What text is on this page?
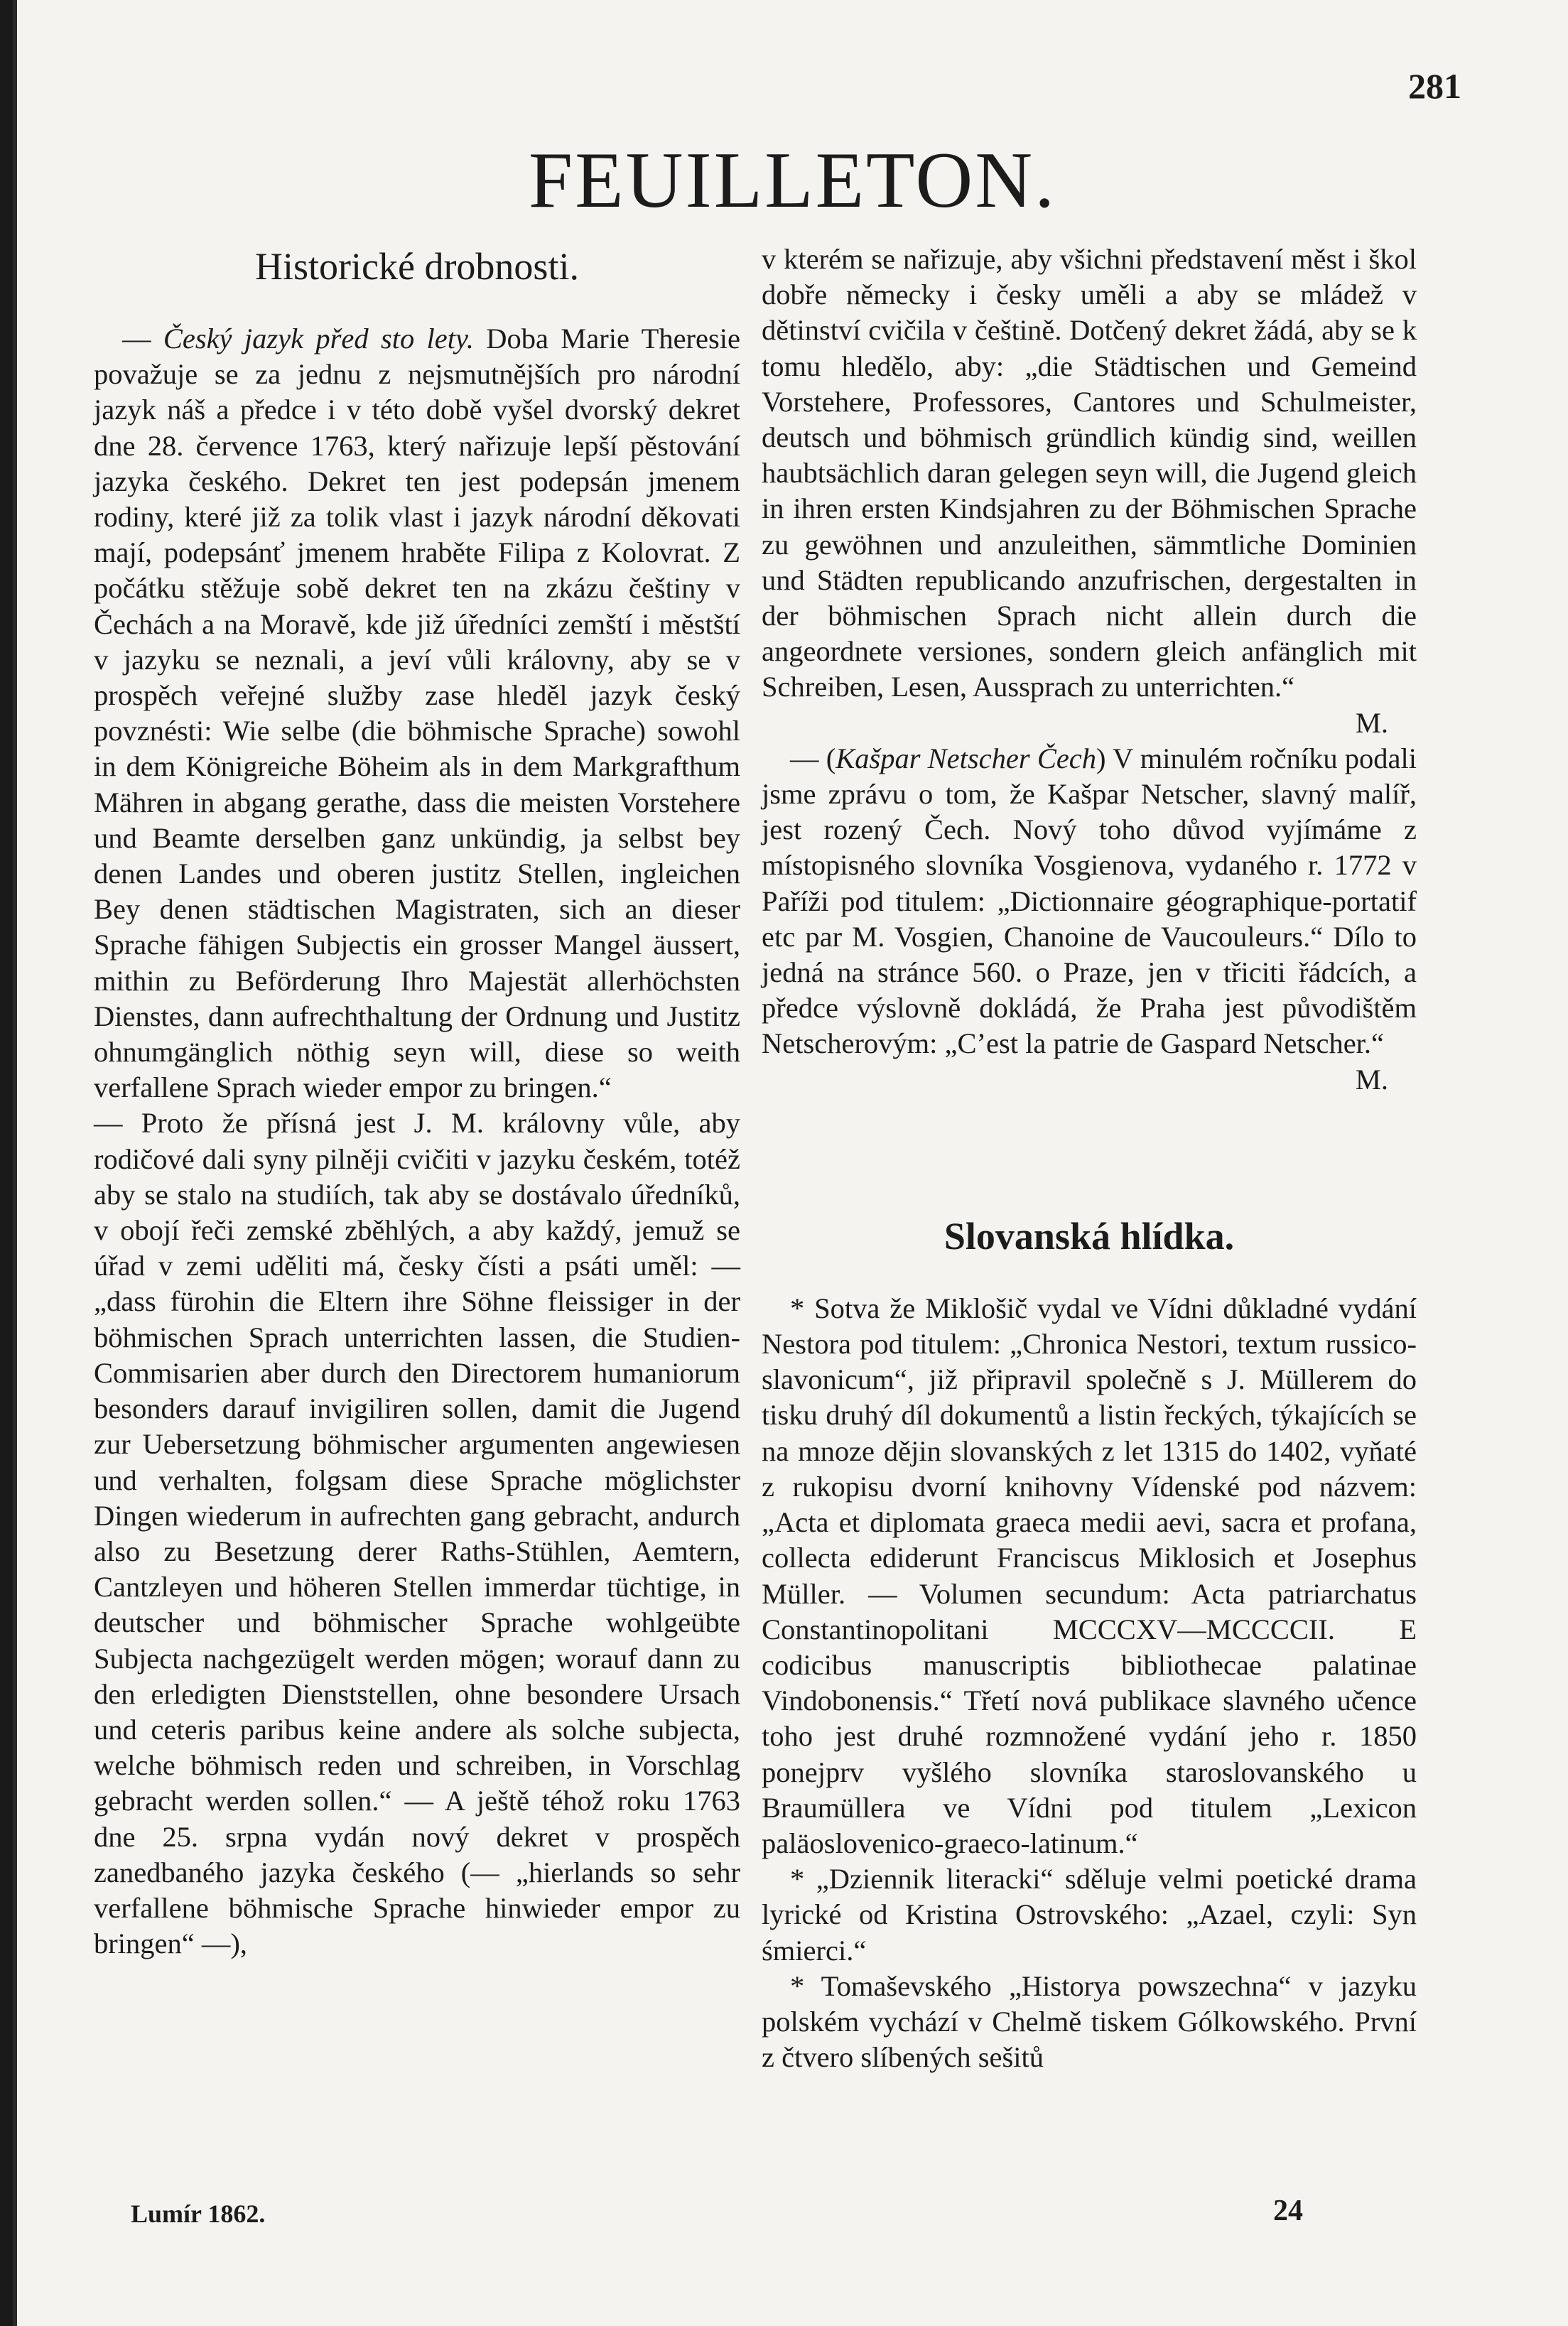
281
FEUILLETON.
Historické drobnosti.

— Český jazyk před sto lety. Doba Marie Theresie považuje se za jednu z nejsmutnějších pro národní jazyk náš a předce i v této době vyšel dvorský dekret dne 28. července 1763, který nařizuje lepší pěstování jazyka českého. Dekret ten jest podepsán jmenem rodiny, které již za tolik vlast i jazyk národní děkovati mají, podepsánť jmenem hraběte Filipa z Kolovrat. Z počátku stěžuje sobě dekret ten na zkázu češtiny v Čechách a na Moravě, kde již úředníci zemští i městští v jazyku se neznali, a jeví vůli královny, aby se v prospěch veřejné služby zase hleděl jazyk český povznésti: Wie selbe (die böhmische Sprache) sowohl in dem Königreiche Böheim als in dem Markgrafthum Mähren in abgang gerathe, dass die meisten Vorstehere und Beamte derselben ganz unkündig, ja selbst bey denen Landes und oberen justitz Stellen, ingleichen Bey denen städtischen Magistraten, sich an dieser Sprache fähigen Subjectis ein grosser Mangel äussert, mithin zu Beförderung Ihro Majestät allerhöchsten Dienstes, dann aufrechthaltung der Ordnung und Justitz ohnumgänglich nöthig seyn will, diese so weith verfallene Sprach wieder empor zu bringen.“

— Proto že přísná jest J. M. královny vůle, aby rodičové dali syny pilněji cvičiti v jazyku českém, totéž aby se stalo na studiích, tak aby se dostávalo úředníků, v obojí řeči zemské zběhlých, a aby každý, jemuž se úřad v zemi uděliti má, česky čísti a psáti uměl: — „dass fürohin die Eltern ihre Söhne fleissiger in der böhmischen Sprach unterrichten lassen, die Studien-Commisarien aber durch den Directorem humaniorum besonders darauf invigiliren sollen, damit die Jugend zur Uebersetzung böhmischer argumenten angewiesen und verhalten, folgsam diese Sprache möglichster Dingen wiederum in aufrechten gang gebracht, andurch also zu Besetzung derer Raths-Stühlen, Aemtern, Cantzleyen und höheren Stellen immerdar tüchtige, in deutscher und böhmischer Sprache wohlgeübte Subjecta nachgezügelt werden mögen; worauf dann zu den erledigten Dienststellen, ohne besondere Ursach und ceteris paribus keine andere als solche subjecta, welche böhmisch reden und schreiben, in Vorschlag gebracht werden sollen.“ — A ještě téhož roku 1763 dne 25. srpna vydán nový dekret v prospěch zanedbaného jazyka českého (— „hierlands so sehr verfallene böhmische Sprache hinwieder empor zu bringen“ —),

v kterém se nařizuje, aby všichni představení měst i škol dobře německy i česky uměli a aby se mládež v dětinství cvičila v češtině. Dotčený dekret žádá, aby se k tomu hledělo, aby: „die Städtischen und Gemeind Vorstehere, Professores, Cantores und Schulmeister, deutsch und böhmisch gründlich kündig sind, weillen haubtsächlich daran gelegen seyn will, die Jugend gleich in ihren ersten Kindsjahren zu der Böhmischen Sprache zu gewöhnen und anzuleithen, sämmtliche Dominien und Städten republicando anzufrischen, dergestalten in der böhmischen Sprach nicht allein durch die angeordnete versiones, sondern gleich anfänglich mit Schreiben, Lesen, Aussprach zu unterrichten.“

M.

— (Kašpar Netscher Čech) V minulém ročníku podali jsme zprávu o tom, že Kašpar Netscher, slavný malíř, jest rozený Čech. Nový toho důvod vyjímáme z místopisného slovníka Vosgienova, vydaného r. 1772 v Paříži pod titulem: „Dictionnaire géographique-portatif etc par M. Vosgien, Chanoine de Vaucouleurs.“ Dílo to jedná na stránce 560. o Praze, jen v třiciti řádcích, a předce výslovně dokládá, že Praha jest původištěm Netscherovým: „C’est la patrie de Gaspard Netscher.“

M.
Slovanská hlídka.

* Sotva že Miklošič vydal ve Vídni důkladné vydání Nestora pod titulem: „Chronica Nestori, textum russico-slavonicum“, již připravil společně s J. Müllerem do tisku druhý díl dokumentů a listin řeckých, týkajících se na mnoze dějin slovanských z let 1315 do 1402, vyňaté z rukopisu dvorní knihovny Vídenské pod názvem: „Acta et diplomata graeca medii aevi, sacra et profana, collecta ediderunt Franciscus Miklosich et Josephus Müller. — Volumen secundum: Acta patriarchatus Constantinopolitani MCCCXV—MCCCCII. E codicibus manuscriptis bibliothecae palatinae Vindobonensis.“ Třetí nová publikace slavného učence toho jest druhé rozmnožené vydání jeho r. 1850 ponejprv vyšlého slovníka staroslovanského u Braumüllera ve Vídni pod titulem „Lexicon paläoslovenico-graeco-latinum.“

* „Dziennik literacki“ sděluje velmi poetické drama lyrické od Kristina Ostrovského: „Azael, czyli: Syn śmierci.“

* Tomaševského „Historya powszechna“ v jazyku polském vychází v Chelmě tiskem Gólkowského. První z čtvero slíbených sešitů

Lumír 1862.	24
